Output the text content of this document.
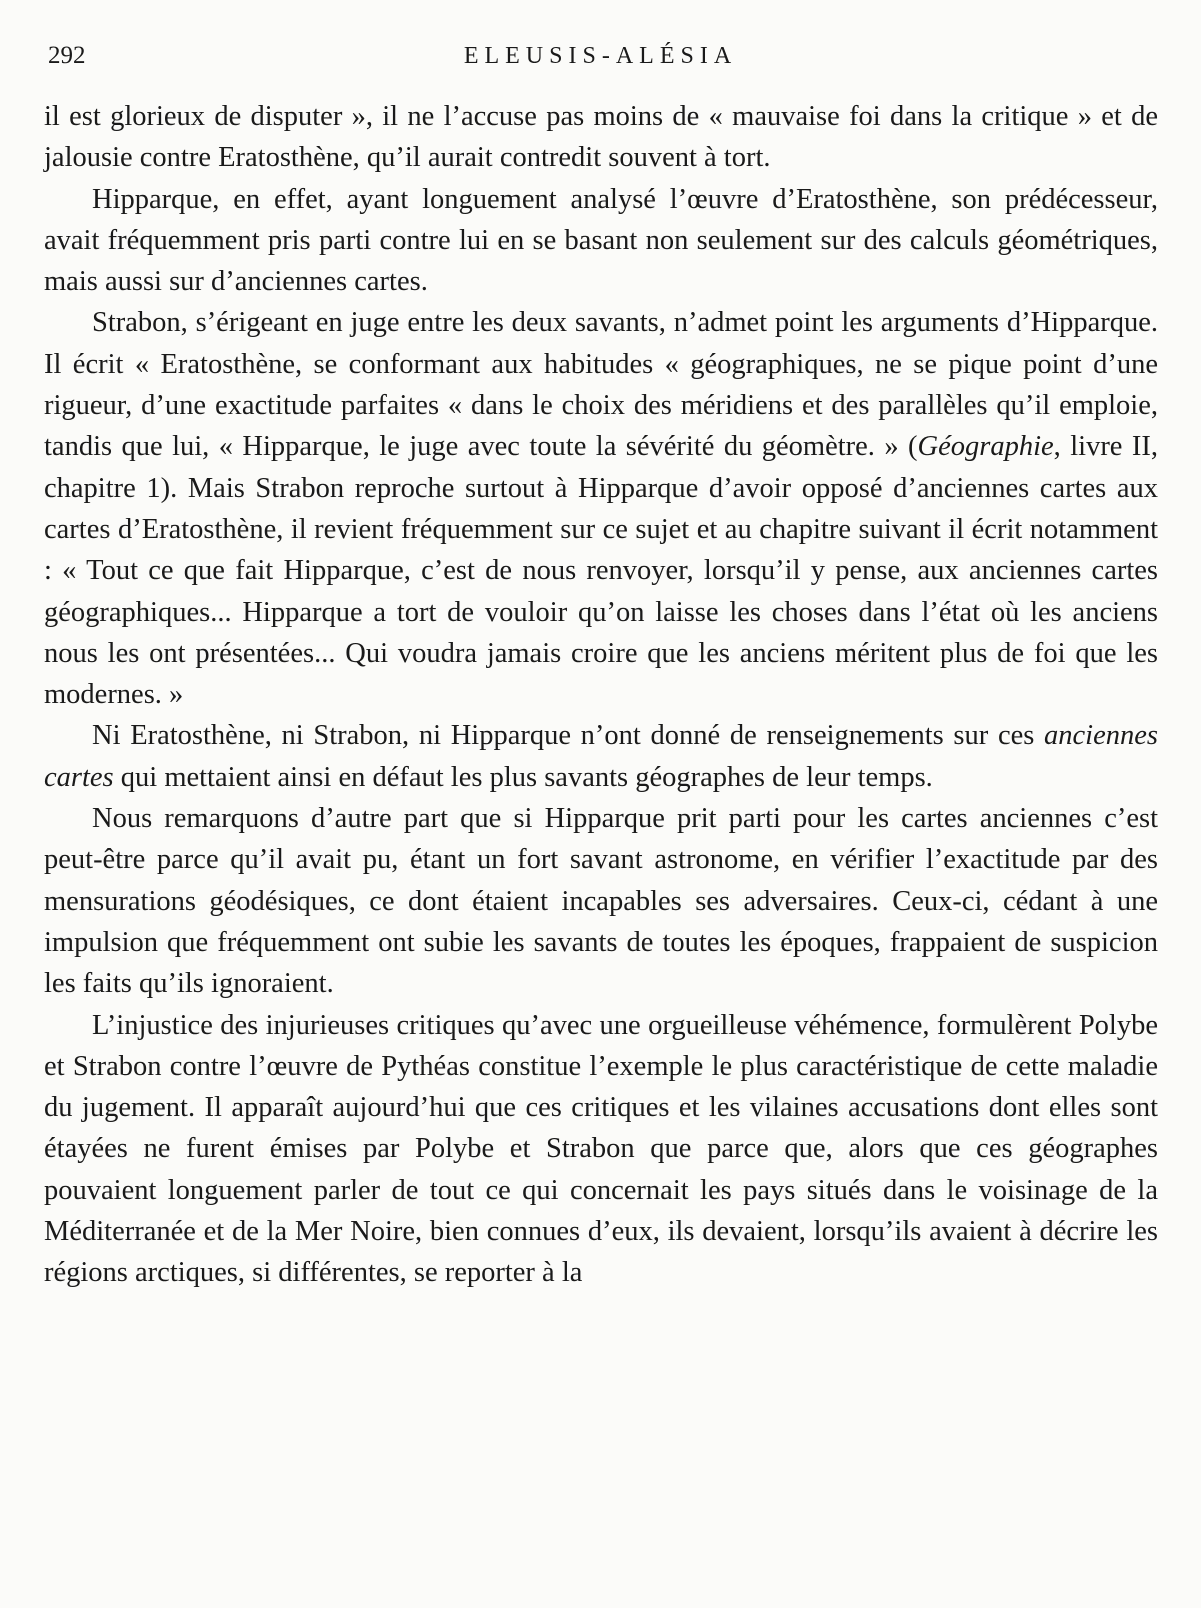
292	ELEUSIS-ALÉSIA

il est glorieux de disputer », il ne l’accuse pas moins de « mauvaise foi dans la critique » et de jalousie contre Eratosthène, qu’il aurait contredit souvent à tort.

Hipparque, en effet, ayant longuement analysé l’œuvre d’Eratosthène, son prédécesseur, avait fréquemment pris parti contre lui en se basant non seulement sur des calculs géométriques, mais aussi sur d’anciennes cartes.

Strabon, s’érigeant en juge entre les deux savants, n’admet point les arguments d’Hipparque. Il écrit « Eratosthène, se conformant aux habitudes « géographiques, ne se pique point d’une rigueur, d’une exactitude parfaites « dans le choix des méridiens et des parallèles qu’il emploie, tandis que lui, « Hipparque, le juge avec toute la sévérité du géomètre. » (Géographie, livre II, chapitre 1). Mais Strabon reproche surtout à Hipparque d’avoir opposé d’anciennes cartes aux cartes d’Eratosthène, il revient fréquemment sur ce sujet et au chapitre suivant il écrit notamment : « Tout ce que fait Hipparque, c’est de nous renvoyer, lorsqu’il y pense, aux anciennes cartes géographiques... Hipparque a tort de vouloir qu’on laisse les choses dans l’état où les anciens nous les ont présentées... Qui voudra jamais croire que les anciens méritent plus de foi que les modernes. »

Ni Eratosthène, ni Strabon, ni Hipparque n’ont donné de renseignements sur ces anciennes cartes qui mettaient ainsi en défaut les plus savants géographes de leur temps.

Nous remarquons d’autre part que si Hipparque prit parti pour les cartes anciennes c’est peut-être parce qu’il avait pu, étant un fort savant astronome, en vérifier l’exactitude par des mensurations géodésiques, ce dont étaient incapables ses adversaires. Ceux-ci, cédant à une impulsion que fréquemment ont subie les savants de toutes les époques, frappaient de suspicion les faits qu’ils ignoraient.

L’injustice des injurieuses critiques qu’avec une orgueilleuse véhémence, formulèrent Polybe et Strabon contre l’œuvre de Pythéas constitue l’exemple le plus caractéristique de cette maladie du jugement. Il apparaît aujourd’hui que ces critiques et les vilaines accusations dont elles sont étayées ne furent émises par Polybe et Strabon que parce que, alors que ces géographes pouvaient longuement parler de tout ce qui concernait les pays situés dans le voisinage de la Méditerranée et de la Mer Noire, bien connues d’eux, ils devaient, lorsqu’ils avaient à décrire les régions arctiques, si différentes, se reporter à la
